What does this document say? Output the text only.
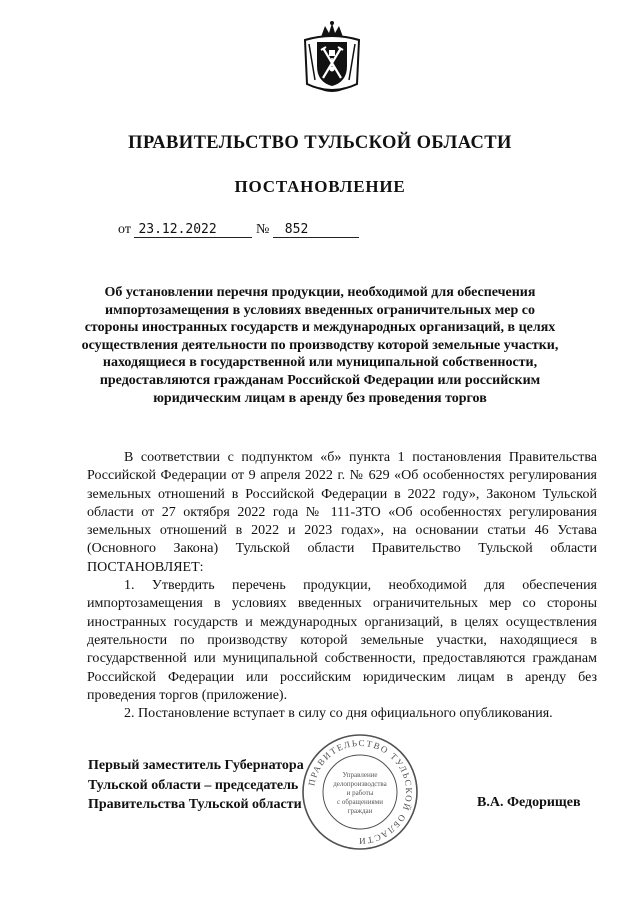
ПРАВИТЕЛЬСТВО ТУЛЬСКОЙ ОБЛАСТИ
ПОСТАНОВЛЕНИЕ
от 23.12.2022	№ 852
Об установлении перечня продукции, необходимой для обеспечения импортозамещения в условиях введенных ограничительных мер со стороны иностранных государств и международных организаций, в целях осуществления деятельности по производству которой земельные участки, находящиеся в государственной или муниципальной собственности, предоставляются гражданам Российской Федерации или российским юридическим лицам в аренду без проведения торгов

В соответствии с подпунктом «б» пункта 1 постановления Правительства Российской Федерации от 9 апреля 2022 г. № 629 «Об особенностях регулирования земельных отношений в Российской Федерации в 2022 году», Законом Тульской области от 27 октября 2022 года № 111-ЗТО «Об особенностях регулирования земельных отношений в 2022 и 2023 годах», на основании статьи 46 Устава (Основного Закона) Тульской области Правительство Тульской области ПОСТАНОВЛЯЕТ:

1. Утвердить перечень продукции, необходимой для обеспечения импортозамещения в условиях введенных ограничительных мер со стороны иностранных государств и международных организаций, в целях осуществления деятельности по производству которой земельные участки, находящиеся в государственной или муниципальной собственности, предоставляются гражданам Российской Федерации или российским юридическим лицам в аренду без проведения торгов (приложение).

2. Постановление вступает в силу со дня официального опубликования.

Первый заместитель Губернатора
Тульской области – председатель
Правительства Тульской области	В.А. Федорищев
ПРАВИТЕЛЬСТВО ТУЛЬСКОЙ ОБЛАСТИ
Управление
делопроизводства
и работы
с обращениями
граждан
